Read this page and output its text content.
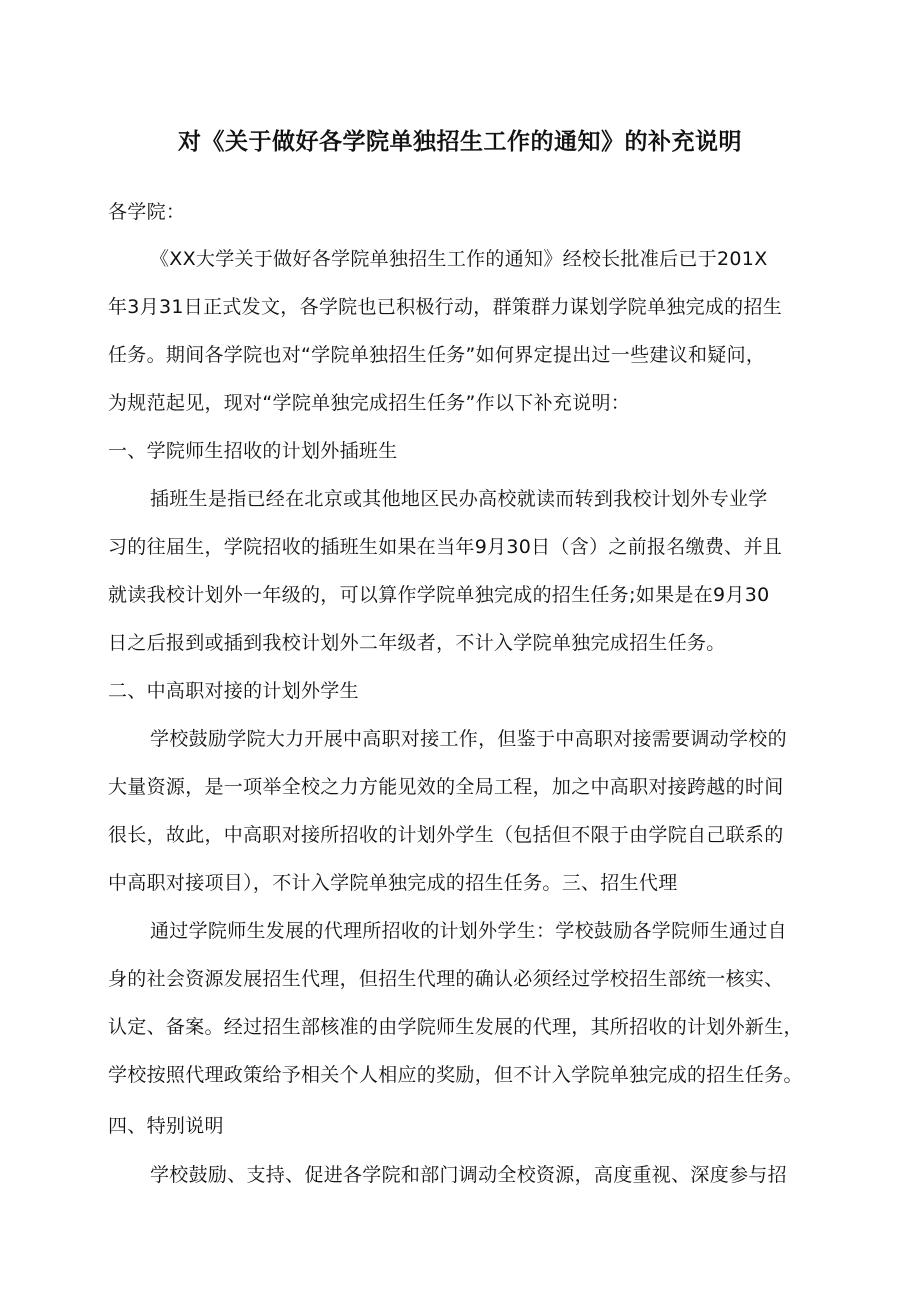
对《关于做好各学院单独招生工作的通知》的补充说明
各学院：
《XX大学关于做好各学院单独招生工作的通知》经校长批准后已于201X
年3月31日正式发文，各学院也已积极行动，群策群力谋划学院单独完成的招生
任务。期间各学院也对“学院单独招生任务”如何界定提出过一些建议和疑问，
为规范起见，现对“学院单独完成招生任务”作以下补充说明：
一、学院师生招收的计划外插班生
插班生是指已经在北京或其他地区民办高校就读而转到我校计划外专业学
习的往届生，学院招收的插班生如果在当年9月30日（含）之前报名缴费、并且
就读我校计划外一年级的，可以算作学院单独完成的招生任务;如果是在9月30
日之后报到或插到我校计划外二年级者，不计入学院单独完成招生任务。
二、中高职对接的计划外学生
学校鼓励学院大力开展中高职对接工作，但鉴于中高职对接需要调动学校的
大量资源，是一项举全校之力方能见效的全局工程，加之中高职对接跨越的时间
很长，故此，中高职对接所招收的计划外学生（包括但不限于由学院自己联系的
中高职对接项目），不计入学院单独完成的招生任务。三、招生代理
通过学院师生发展的代理所招收的计划外学生：学校鼓励各学院师生通过自
身的社会资源发展招生代理，但招生代理的确认必须经过学校招生部统一核实、
认定、备案。经过招生部核准的由学院师生发展的代理，其所招收的计划外新生，
学校按照代理政策给予相关个人相应的奖励，但不计入学院单独完成的招生任务。
四、特别说明
学校鼓励、支持、促进各学院和部门调动全校资源，高度重视、深度参与招
